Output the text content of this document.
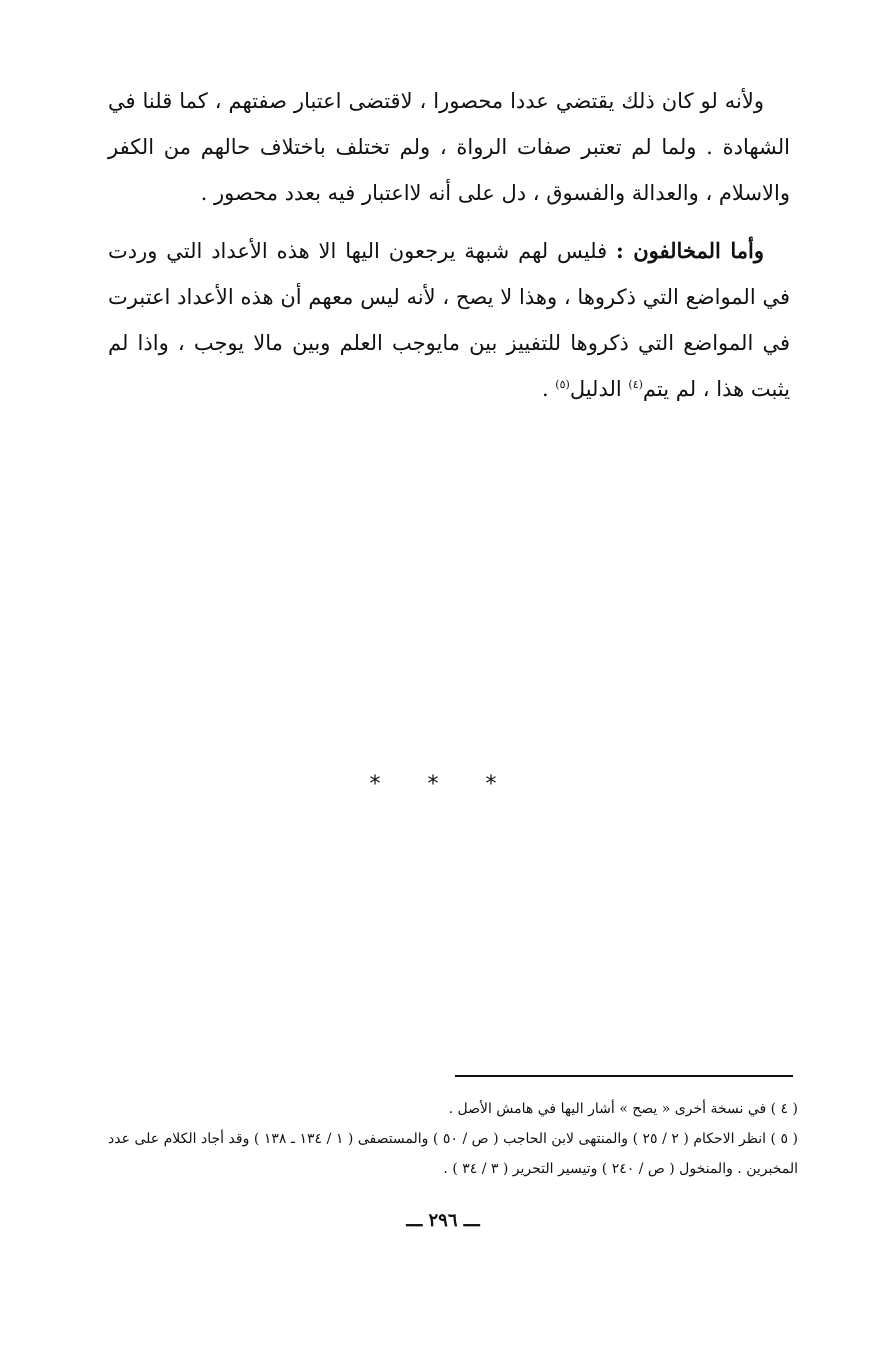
ولأنه لو كان ذلك يقتضي عددا محصورا ، لاقتضى اعتبار صفتهم ، كما قلنا في الشهادة . ولما لم تعتبر صفات الرواة ، ولم تختلف باختلاف حالهم من الكفر والاسلام ، والعدالة والفسوق ، دل على أنه لااعتبار فيه بعدد محصور .

وأما المخالفون : فليس لهم شبهة يرجعون اليها الا هذه الأعداد التي وردت في المواضع التي ذكروها ، وهذا لا يصح ، لأنه ليس معهم أن هذه الأعداد اعتبرت في المواضع التي ذكروها للتفييز بين مايوجب العلم وبين مالا يوجب ، واذا لم يثبت هذا ، لم يتم$^{(٤)}$ الدليل$^{(٥)}$ .

* * *

( ٤ ) في نسخة أخرى « يصح » أشار اليها في هامش الأصل .

( ٥ ) انظر الاحكام ( ٢ / ٢٥ ) والمنتهى لابن الحاجب ( ص / ٥٠ ) والمستصفى ( ١ / ١٣٤ ـ ١٣٨ ) وقد أجاد الكلام على عدد المخبرين . والمنخول ( ص / ٢٤٠ ) وتيسير التحرير ( ٣ / ٣٤ ) .

ـــ ٢٩٦ ـــ
